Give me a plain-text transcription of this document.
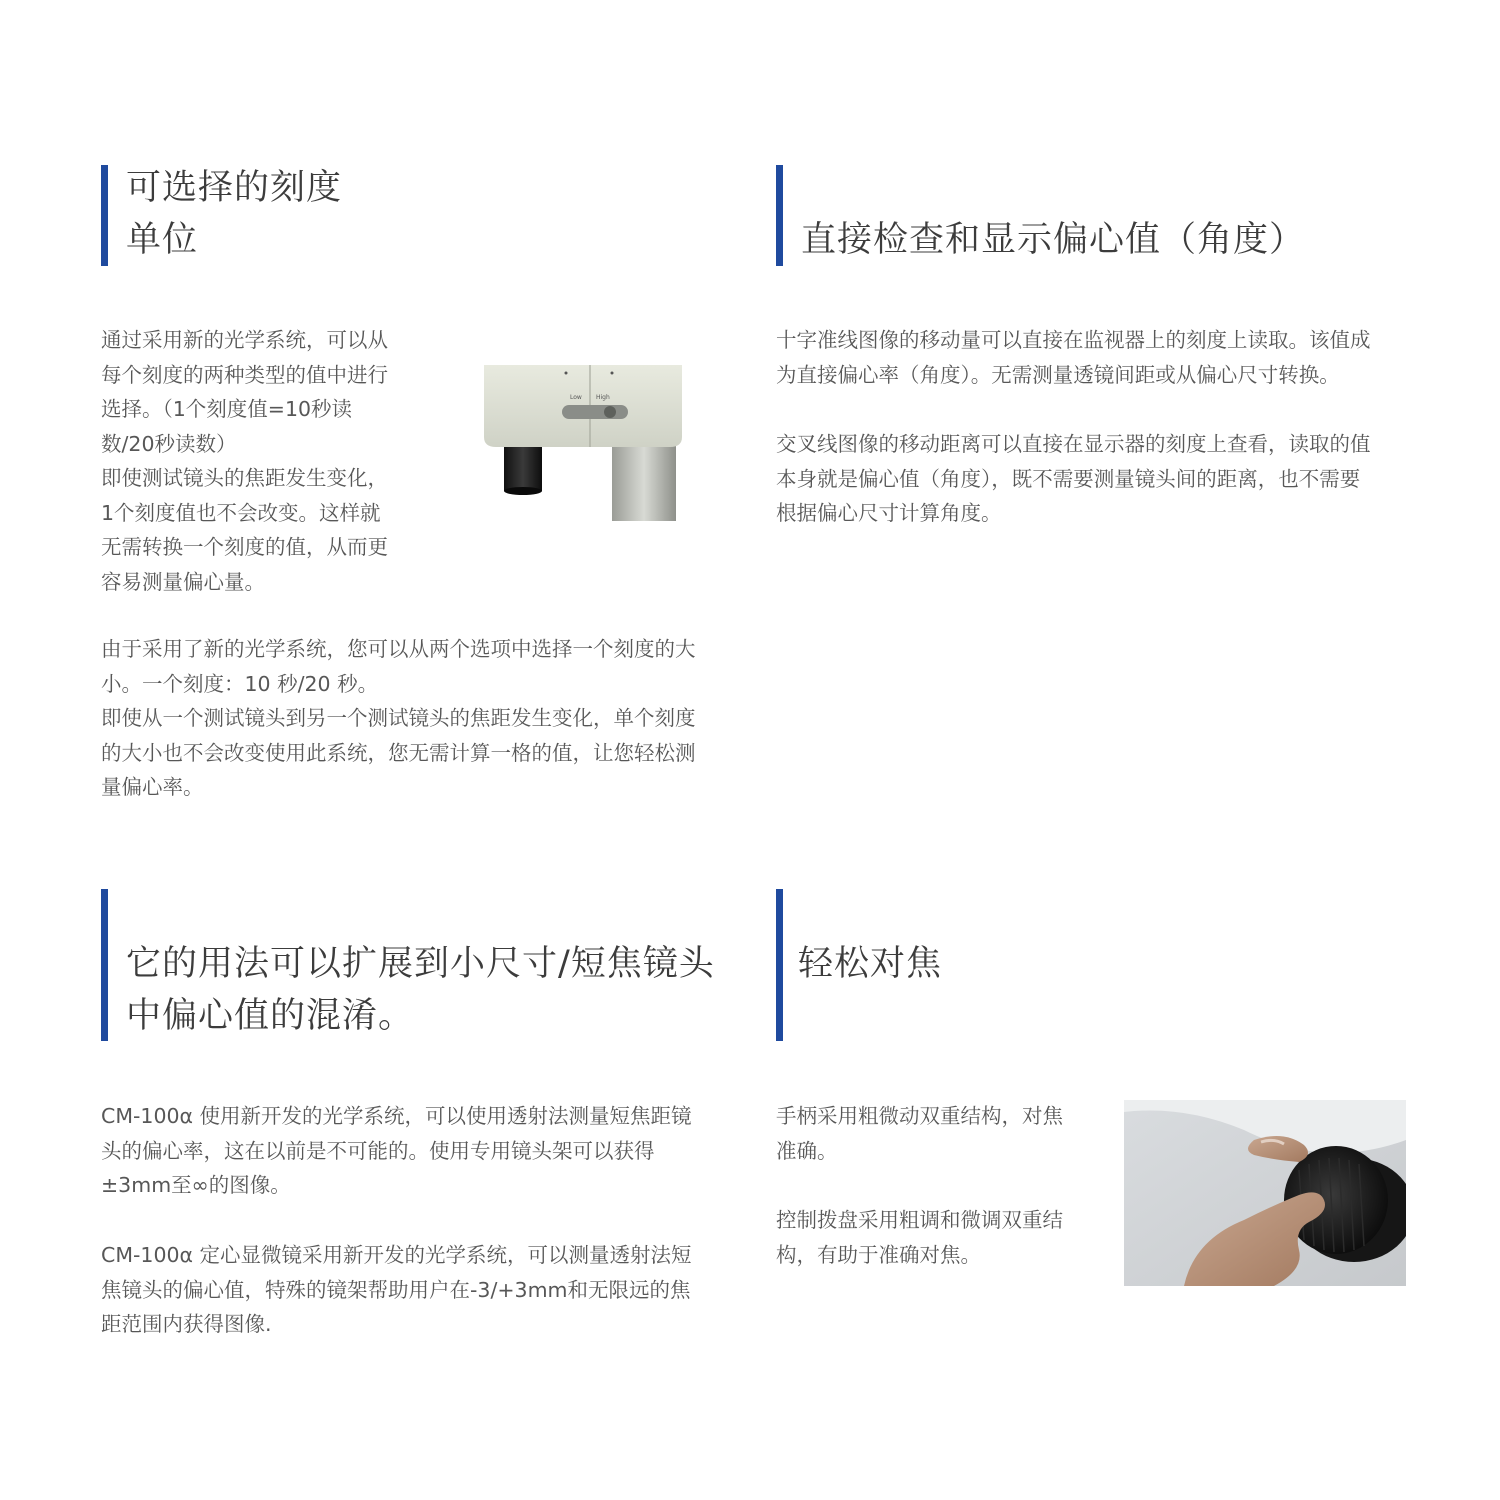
可选择的刻度
单位
通过采用新的光学系统，可以从
每个刻度的两种类型的值中进行
选择。（1个刻度值=10秒读
数/20秒读数）
即使测试镜头的焦距发生变化，
1个刻度值也不会改变。这样就
无需转换一个刻度的值，从而更
容易测量偏心量。
Low High
由于采用了新的光学系统，您可以从两个选项中选择一个刻度的大
小。一个刻度：10 秒/20 秒。
即使从一个测试镜头到另一个测试镜头的焦距发生变化，单个刻度
的大小也不会改变使用此系统，您无需计算一格的值，让您轻松测
量偏心率。
直接检查和显示偏心值（角度）
十字准线图像的移动量可以直接在监视器上的刻度上读取。该值成
为直接偏心率（角度）。无需测量透镜间距或从偏心尺寸转换。
交叉线图像的移动距离可以直接在显示器的刻度上查看，读取的值
本身就是偏心值（角度），既不需要测量镜头间的距离，也不需要
根据偏心尺寸计算角度。
它的用法可以扩展到小尺寸/短焦镜头
中偏心值的混淆。
CM-100α 使用新开发的光学系统，可以使用透射法测量短焦距镜
头的偏心率，这在以前是不可能的。使用专用镜头架可以获得
±3mm至∞的图像。
CM-100α 定心显微镜采用新开发的光学系统，可以测量透射法短
焦镜头的偏心值，特殊的镜架帮助用户在-3/+3mm和无限远的焦
距范围内获得图像.
轻松对焦
手柄采用粗微动双重结构，对焦
准确。
控制拨盘采用粗调和微调双重结
构，有助于准确对焦。
